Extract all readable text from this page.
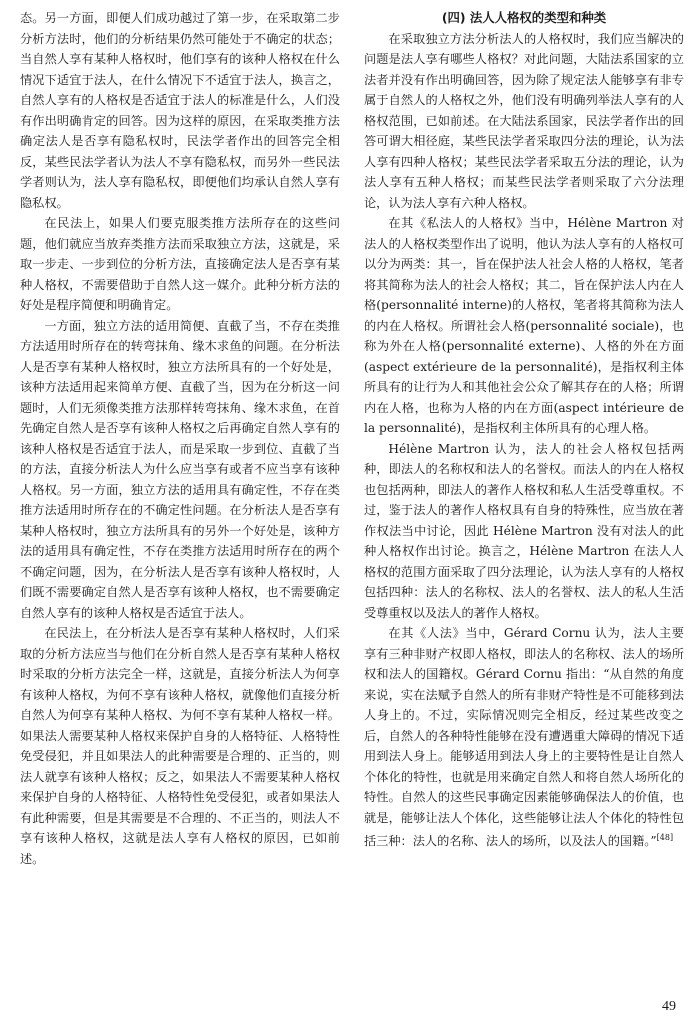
态。另一方面，即便人们成功越过了第一步，在采取第二步分析方法时，他们的分析结果仍然可能处于不确定的状态；当自然人享有某种人格权时，他们享有的该种人格权在什么情况下适宜于法人，在什么情况下不适宜于法人，换言之，自然人享有的人格权是否适宜于法人的标准是什么，人们没有作出明确肯定的回答。因为这样的原因，在采取类推方法确定法人是否享有隐私权时，民法学者作出的回答完全相反，某些民法学者认为法人不享有隐私权，而另外一些民法学者则认为，法人享有隐私权，即便他们均承认自然人享有隐私权。

在民法上，如果人们要克服类推方法所存在的这些问题，他们就应当放弃类推方法而采取独立方法，这就是，采取一步走、一步到位的分析方法，直接确定法人是否享有某种人格权，不需要借助于自然人这一媒介。此种分析方法的好处是程序简便和明确肯定。

一方面，独立方法的适用简便、直截了当，不存在类推方法适用时所存在的转弯抹角、缘木求鱼的问题。在分析法人是否享有某种人格权时，独立方法所具有的一个好处是，该种方法适用起来简单方便、直截了当，因为在分析这一问题时，人们无须像类推方法那样转弯抹角、缘木求鱼，在首先确定自然人是否享有该种人格权之后再确定自然人享有的该种人格权是否适宜于法人，而是采取一步到位、直截了当的方法，直接分析法人为什么应当享有或者不应当享有该种人格权。另一方面，独立方法的适用具有确定性，不存在类推方法适用时所存在的不确定性问题。在分析法人是否享有某种人格权时，独立方法所具有的另外一个好处是，该种方法的适用具有确定性，不存在类推方法适用时所存在的两个不确定问题，因为，在分析法人是否享有该种人格权时，人们既不需要确定自然人是否享有该种人格权，也不需要确定自然人享有的该种人格权是否适宜于法人。

在民法上，在分析法人是否享有某种人格权时，人们采取的分析方法应当与他们在分析自然人是否享有某种人格权时采取的分析方法完全一样，这就是，直接分析法人为何享有该种人格权，为何不享有该种人格权，就像他们直接分析自然人为何享有某种人格权、为何不享有某种人格权一样。如果法人需要某种人格权来保护自身的人格特征、人格特性免受侵犯，并且如果法人的此种需要是合理的、正当的，则法人就享有该种人格权；反之，如果法人不需要某种人格权来保护自身的人格特征、人格特性免受侵犯，或者如果法人有此种需要，但是其需要是不合理的、不正当的，则法人不享有该种人格权，这就是法人享有人格权的原因，已如前述。

(四) 法人人格权的类型和种类

在采取独立方法分析法人的人格权时，我们应当解决的问题是法人享有哪些人格权？对此问题，大陆法系国家的立法者并没有作出明确回答，因为除了规定法人能够享有非专属于自然人的人格权之外，他们没有明确列举法人享有的人格权范围，已如前述。在大陆法系国家，民法学者作出的回答可谓大相径庭，某些民法学者采取四分法的理论，认为法人享有四种人格权；某些民法学者采取五分法的理论，认为法人享有五种人格权；而某些民法学者则采取了六分法理论，认为法人享有六种人格权。

在其《私法人的人格权》当中，Hélène Martron 对法人的人格权类型作出了说明，他认为法人享有的人格权可以分为两类：其一，旨在保护法人社会人格的人格权，笔者将其简称为法人的社会人格权；其二，旨在保护法人内在人格(personnalité interne)的人格权，笔者将其简称为法人的内在人格权。所谓社会人格(personnalité sociale)，也称为外在人格(personnalité externe)、人格的外在方面(aspect extérieure de la personnalité)，是指权利主体所具有的让行为人和其他社会公众了解其存在的人格；所谓内在人格，也称为人格的内在方面(aspect intérieure de la personnalité)，是指权利主体所具有的心理人格。

Hélène Martron 认为，法人的社会人格权包括两种，即法人的名称权和法人的名誉权。而法人的内在人格权也包括两种，即法人的著作人格权和私人生活受尊重权。不过，鉴于法人的著作人格权具有自身的特殊性，应当放在著作权法当中讨论，因此 Hélène Martron 没有对法人的此种人格权作出讨论。换言之，Hélène Martron 在法人人格权的范围方面采取了四分法理论，认为法人享有的人格权包括四种：法人的名称权、法人的名誉权、法人的私人生活受尊重权以及法人的著作人格权。

在其《人法》当中，Gérard Cornu 认为，法人主要享有三种非财产权即人格权，即法人的名称权、法人的场所权和法人的国籍权。Gérard Cornu 指出：“从自然的角度来说，实在法赋予自然人的所有非财产特性是不可能移到法人身上的。不过，实际情况则完全相反，经过某些改变之后，自然人的各种特性能够在没有遭遇重大障碍的情况下适用到法人身上。能够适用到法人身上的主要特性是让自然人个体化的特性，也就是用来确定自然人和将自然人场所化的特性。自然人的这些民事确定因素能够确保法人的价值，也就是，能够让法人个体化，这些能够让法人个体化的特性包括三种：法人的名称、法人的场所，以及法人的国籍。”[48]

49
